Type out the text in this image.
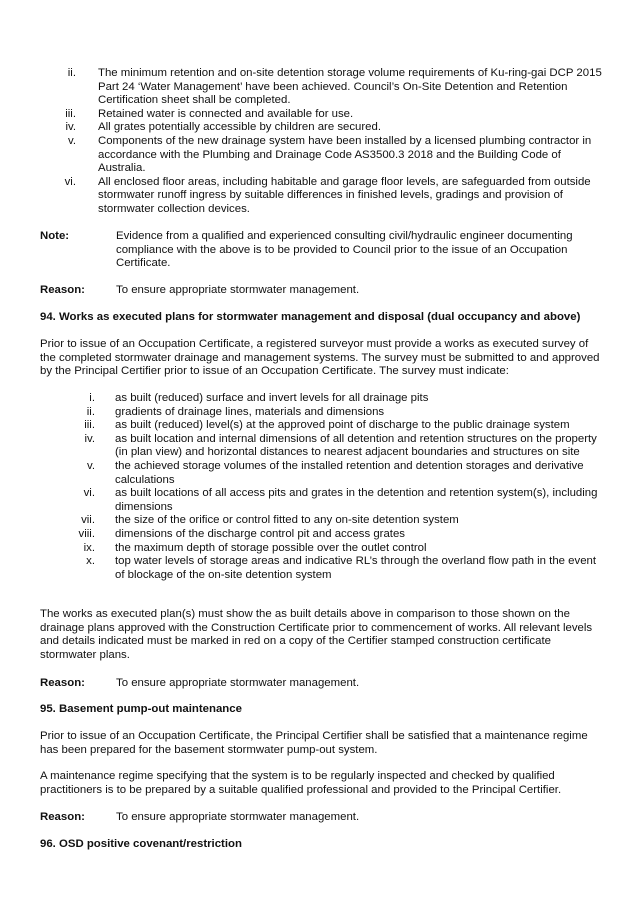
ii. The minimum retention and on-site detention storage volume requirements of Ku-ring-gai DCP 2015 Part 24 ‘Water Management’ have been achieved. Council’s On-Site Detention and Retention Certification sheet shall be completed.
iii. Retained water is connected and available for use.
iv. All grates potentially accessible by children are secured.
v. Components of the new drainage system have been installed by a licensed plumbing contractor in accordance with the Plumbing and Drainage Code AS3500.3 2018 and the Building Code of Australia.
vi. All enclosed floor areas, including habitable and garage floor levels, are safeguarded from outside stormwater runoff ingress by suitable differences in finished levels, gradings and provision of stormwater collection devices.
Note:	Evidence from a qualified and experienced consulting civil/hydraulic engineer documenting compliance with the above is to be provided to Council prior to the issue of an Occupation Certificate.
Reason:	To ensure appropriate stormwater management.
94. Works as executed plans for stormwater management and disposal (dual occupancy and above)

Prior to issue of an Occupation Certificate, a registered surveyor must provide a works as executed survey of the completed stormwater drainage and management systems. The survey must be submitted to and approved by the Principal Certifier prior to issue of an Occupation Certificate. The survey must indicate:

i. as built (reduced) surface and invert levels for all drainage pits
ii. gradients of drainage lines, materials and dimensions
iii. as built (reduced) level(s) at the approved point of discharge to the public drainage system
iv. as built location and internal dimensions of all detention and retention structures on the property (in plan view) and horizontal distances to nearest adjacent boundaries and structures on site
v. the achieved storage volumes of the installed retention and detention storages and derivative calculations
vi. as built locations of all access pits and grates in the detention and retention system(s), including dimensions
vii. the size of the orifice or control fitted to any on-site detention system
viii. dimensions of the discharge control pit and access grates
ix. the maximum depth of storage possible over the outlet control
x. top water levels of storage areas and indicative RL’s through the overland flow path in the event of blockage of the on-site detention system

The works as executed plan(s) must show the as built details above in comparison to those shown on the drainage plans approved with the Construction Certificate prior to commencement of works. All relevant levels and details indicated must be marked in red on a copy of the Certifier stamped construction certificate stormwater plans.

Reason:	To ensure appropriate stormwater management.
95. Basement pump-out maintenance

Prior to issue of an Occupation Certificate, the Principal Certifier shall be satisfied that a maintenance regime has been prepared for the basement stormwater pump-out system.

A maintenance regime specifying that the system is to be regularly inspected and checked by qualified practitioners is to be prepared by a suitable qualified professional and provided to the Principal Certifier.

Reason:	To ensure appropriate stormwater management.
96. OSD positive covenant/restriction
